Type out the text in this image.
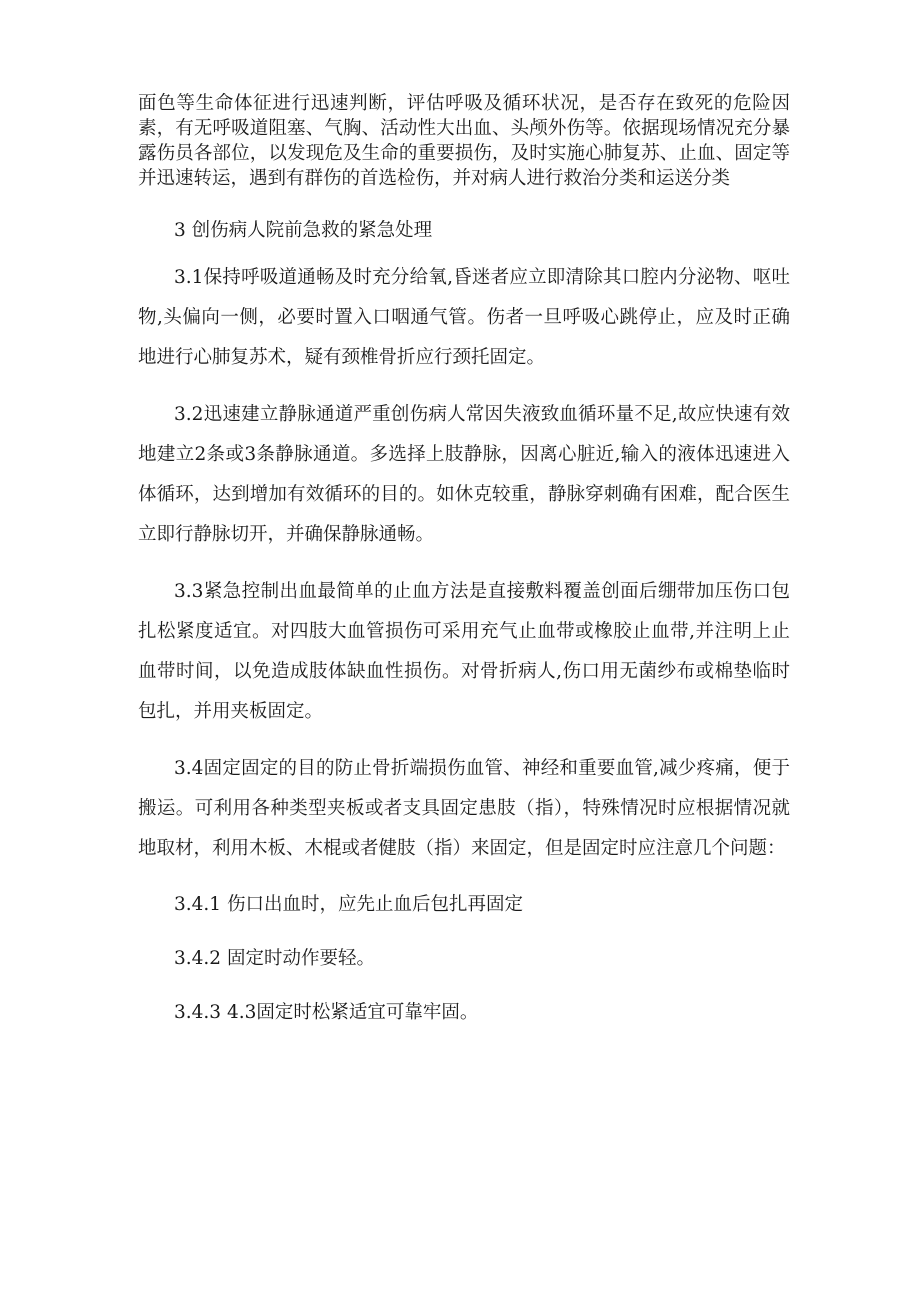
面色等生命体征进行迅速判断，评估呼吸及循环状况，是否存在致死的危险因素，有无呼吸道阻塞、气胸、活动性大出血、头颅外伤等。依据现场情况充分暴露伤员各部位，以发现危及生命的重要损伤，及时实施心肺复苏、止血、固定等并迅速转运，遇到有群伤的首选检伤，并对病人进行救治分类和运送分类

3 创伤病人院前急救的紧急处理

3.1保持呼吸道通畅及时充分给氧,昏迷者应立即清除其口腔内分泌物、呕吐物,头偏向一侧，必要时置入口咽通气管。伤者一旦呼吸心跳停止，应及时正确地进行心肺复苏术，疑有颈椎骨折应行颈托固定。

3.2迅速建立静脉通道严重创伤病人常因失液致血循环量不足,故应快速有效地建立2条或3条静脉通道。多选择上肢静脉，因离心脏近,输入的液体迅速进入体循环，达到增加有效循环的目的。如休克较重，静脉穿刺确有困难，配合医生立即行静脉切开，并确保静脉通畅。

3.3紧急控制出血最简单的止血方法是直接敷料覆盖创面后绷带加压伤口包扎松紧度适宜。对四肢大血管损伤可采用充气止血带或橡胶止血带,并注明上止血带时间，以免造成肢体缺血性损伤。对骨折病人,伤口用无菌纱布或棉垫临时包扎，并用夹板固定。

3.4固定固定的目的防止骨折端损伤血管、神经和重要血管,减少疼痛，便于搬运。可利用各种类型夹板或者支具固定患肢（指），特殊情况时应根据情况就地取材，利用木板、木棍或者健肢（指）来固定，但是固定时应注意几个问题：

3.4.1 伤口出血时，应先止血后包扎再固定

3.4.2 固定时动作要轻。

3.4.3 4.3固定时松紧适宜可靠牢固。
